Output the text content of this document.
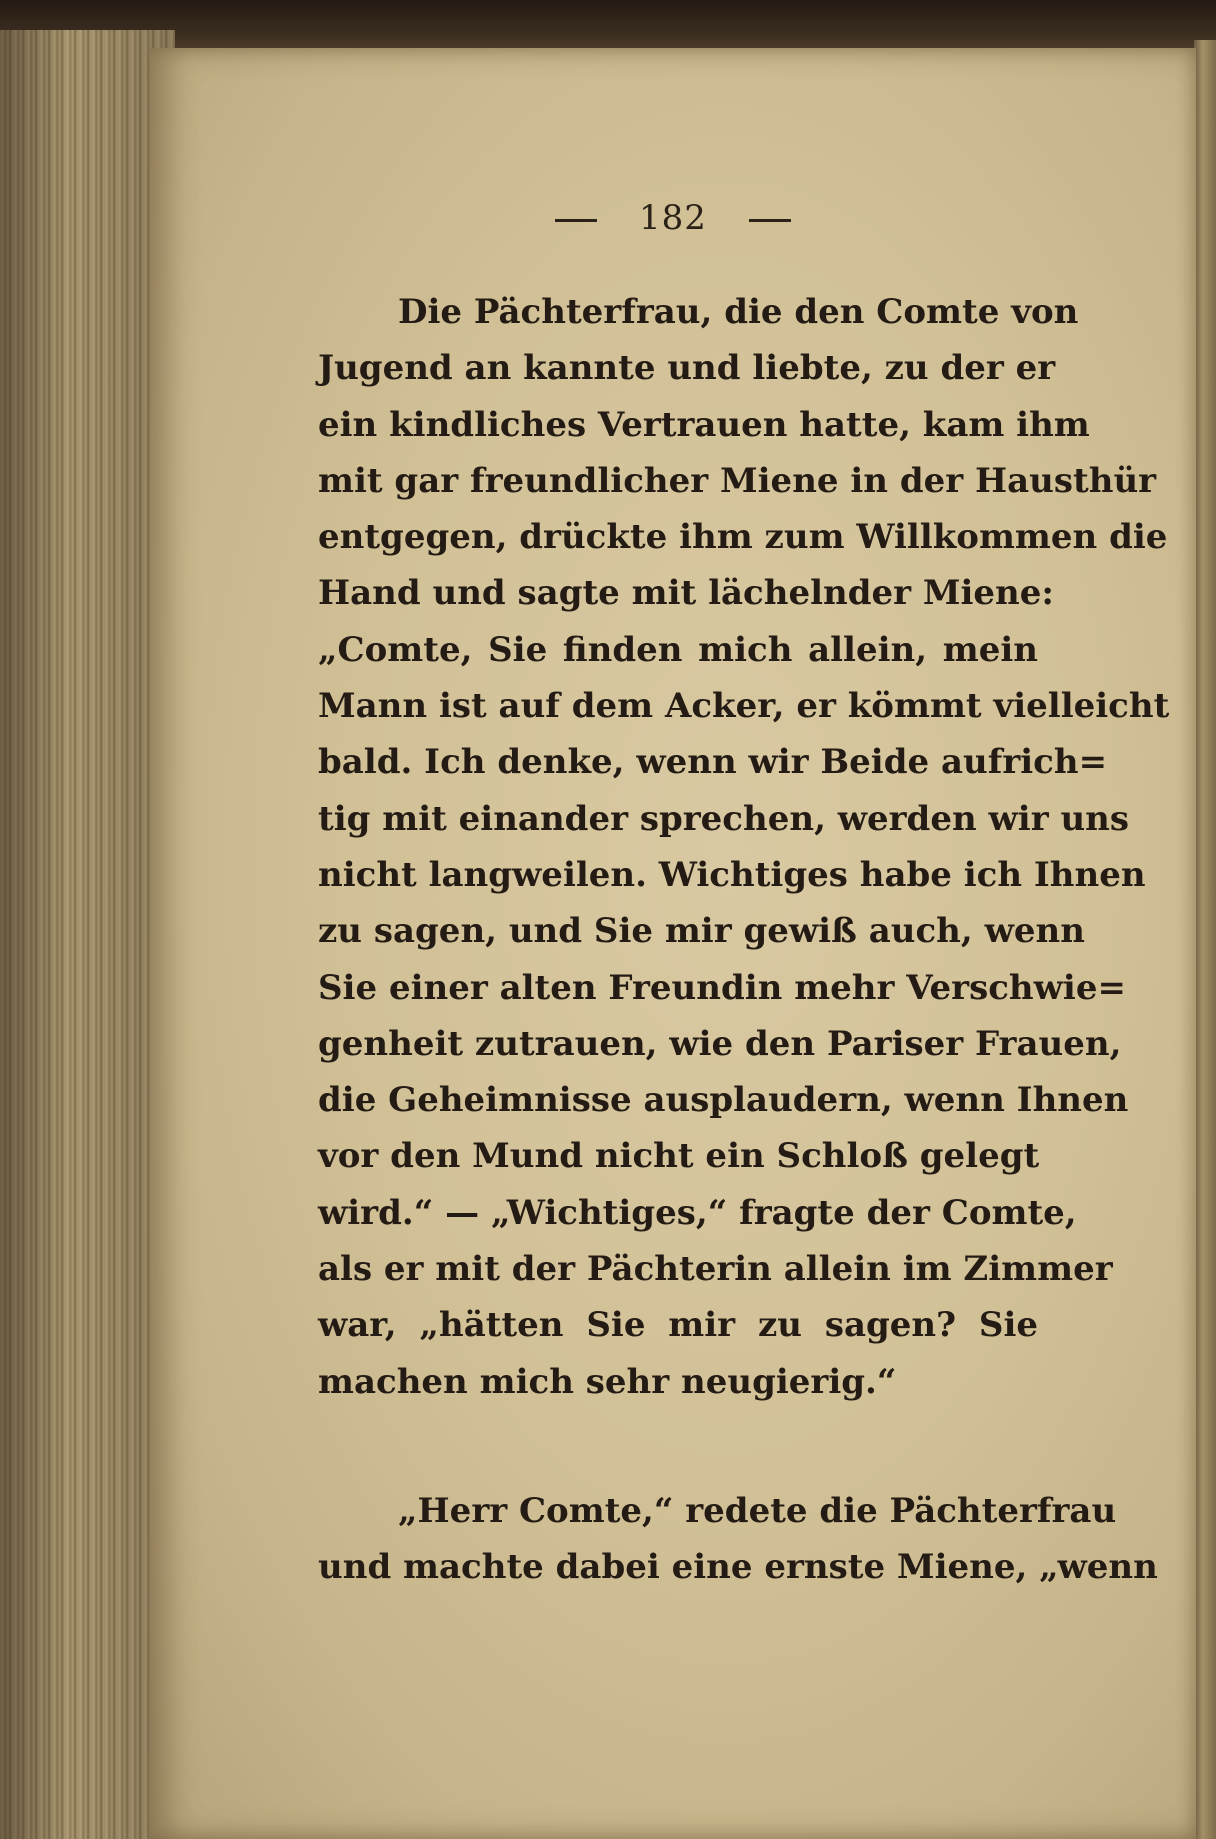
182
Die Pächterfrau, die den Comte von
Jugend an kannte und liebte, zu der er
ein kindliches Vertrauen hatte, kam ihm
mit gar freundlicher Miene in der Hausthür
entgegen, drückte ihm zum Willkommen die
Hand und sagte mit lächelnder Miene:
„Comte, Sie finden mich allein, mein
Mann ist auf dem Acker, er kömmt vielleicht
bald. Ich denke, wenn wir Beide aufrich=
tig mit einander sprechen, werden wir uns
nicht langweilen. Wichtiges habe ich Ihnen
zu sagen, und Sie mir gewiß auch, wenn
Sie einer alten Freundin mehr Verschwie=
genheit zutrauen, wie den Pariser Frauen,
die Geheimnisse ausplaudern, wenn Ihnen
vor den Mund nicht ein Schloß gelegt
wird.“ — „Wichtiges,“ fragte der Comte,
als er mit der Pächterin allein im Zimmer
war, „hätten Sie mir zu sagen? Sie
machen mich sehr neugierig.“
„Herr Comte,“ redete die Pächterfrau
und machte dabei eine ernste Miene, „wenn
